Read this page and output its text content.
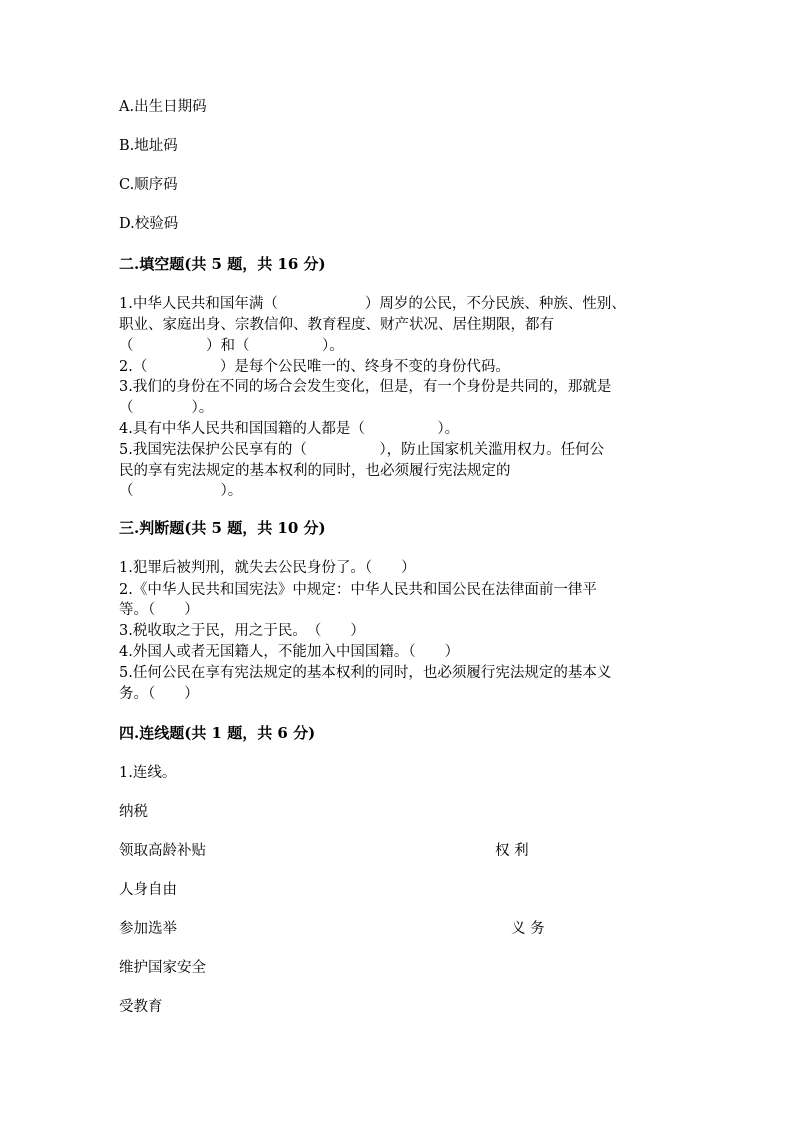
A.出生日期码
B.地址码
C.顺序码
D.校验码
二.填空题(共 5 题，共 16 分)
1.中华人民共和国年满（　　　　　　）周岁的公民，不分民族、种族、性别、
职业、家庭出身、宗教信仰、教育程度、财产状况、居住期限，都有
（　　　　　）和（　　　　　）。
2.（　　　　　）是每个公民唯一的、终身不变的身份代码。
3.我们的身份在不同的场合会发生变化，但是，有一个身份是共同的，那就是
（　　　　）。
4.具有中华人民共和国国籍的人都是（　　　　　）。
5.我国宪法保护公民享有的（　　　　　），防止国家机关滥用权力。任何公
民的享有宪法规定的基本权利的同时，也必须履行宪法规定的
（　　　　　　）。
三.判断题(共 5 题，共 10 分)
1.犯罪后被判刑，就失去公民身份了。（　　）
2.《中华人民共和国宪法》中规定：中华人民共和国公民在法律面前一律平
等。（　　）
3.税收取之于民，用之于民。　（　　）
4.外国人或者无国籍人，不能加入中国国籍。（　　）
5.任何公民在享有宪法规定的基本权利的同时，也必须履行宪法规定的基本义
务。（　　）
四.连线题(共 1 题，共 6 分)
1.连线。
纳税
领取高龄补贴	权 利
人身自由
参加选举	义 务
维护国家安全
受教育
